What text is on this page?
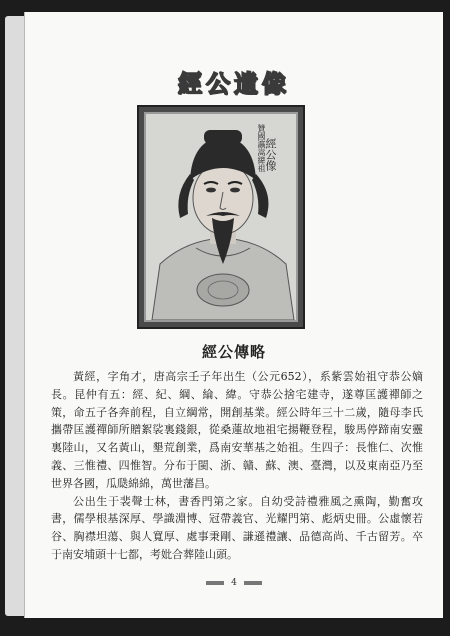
經公遺像
贊國瀛嵩緯祖
經公像
經公傳略

黃經，字角才，唐高宗壬子年出生（公元652），系紫雲始祖守恭公嫡長。昆仲有五：經、紀、綱、綸、緯。守恭公捨宅建寺，遂尊匡護禪師之策，命五子各奔前程，自立綱常，開創基業。經公時年三十二歲，隨母李氏攜帶匡護禪師所贈絮裟裏錢銀，從桑蓮故地祖宅揚鞭登程，駿馬停蹄南安靈裏陸山，又名黃山，墾荒創業，爲南安華基之始祖。生四子：長惟仁、次惟義、三惟禮、四惟智。分布于閩、浙、贛、蘇、澳、臺灣，以及東南亞乃至世界各國，瓜瓞綿綿，萬世藩昌。

公出生于裴聲士林，書香門第之家。自幼受詩禮雅風之熏陶，勤奮攻書，儒學根基深厚、學識淵博、冠帶義官、光耀門第、彪炳史冊。公虛懷若谷、胸襟坦蕩、與人寬厚、處事秉剛、謙遜禮讓、品德高尚、千古留芳。卒于南安埔頭十七都，考妣合葬陸山頭。

4
